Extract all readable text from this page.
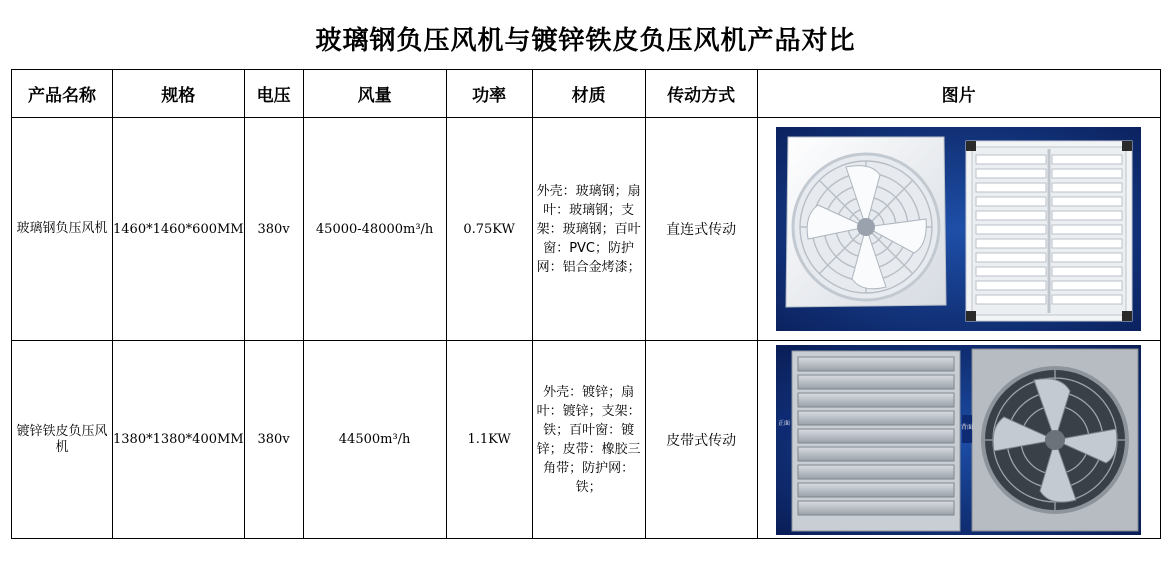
玻璃钢负压风机与镀锌铁皮负压风机产品对比
产品名称	规格	电压	风量	功率	材质	传动方式	图片
玻璃钢负压风机	1460*1460*600MM	380v	45000-48000m³/h	0.75KW	外壳：玻璃钢；扇叶：玻璃钢；支架：玻璃钢；百叶窗：PVC；防护网：铝合金烤漆；	直连式传动	

镀锌铁皮负压风机	1380*1380*400MM	380v	44500m³/h	1.1KW	外壳：镀锌；扇叶：镀锌；支架：铁；百叶窗：镀锌；皮带：橡胶三角带；防护网：铁；	皮带式传动	正面
背面
